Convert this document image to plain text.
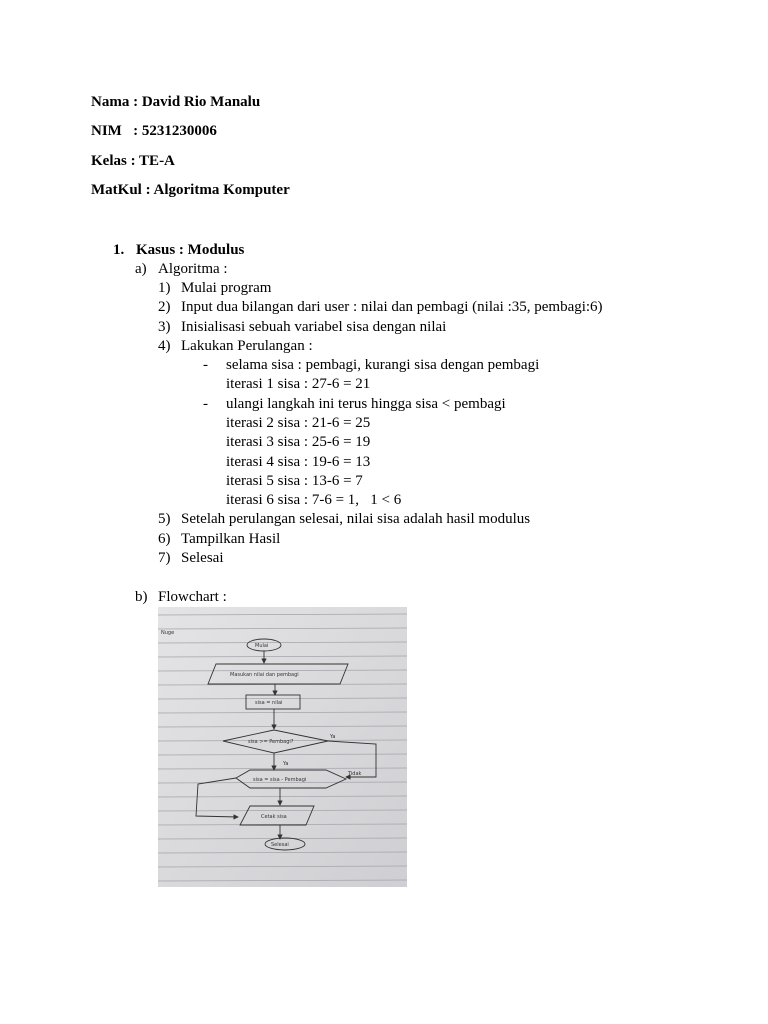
Nama : David Rio Manalu
NIM   : 5231230006
Kelas : TE-A
MatKul : Algoritma Komputer
1. Kasus : Modulus
a) Algoritma :
1) Mulai program
2) Input dua bilangan dari user : nilai dan pembagi (nilai :35, pembagi:6)
3) Inisialisasi sebuah variabel sisa dengan nilai
4) Lakukan Perulangan :
- selama sisa : pembagi, kurangi sisa dengan pembagi
iterasi 1 sisa : 27-6 = 21
- ulangi langkah ini terus hingga sisa < pembagi
iterasi 2 sisa : 21-6 = 25
iterasi 3 sisa : 25-6 = 19
iterasi 4 sisa : 19-6 = 13
iterasi 5 sisa : 13-6 = 7
iterasi 6 sisa : 7-6 = 1,   1 < 6
5) Setelah perulangan selesai, nilai sisa adalah hasil modulus
6) Tampilkan Hasil
7) Selesai
b) Flowchart :
Nuge
Mulai
Masukan nilai dan pembagi
sisa = nilai
sisa >= Pembagi?
Ya
Ya
Tidak
sisa = sisa - Pembagi
Cetak sisa
Selesai
